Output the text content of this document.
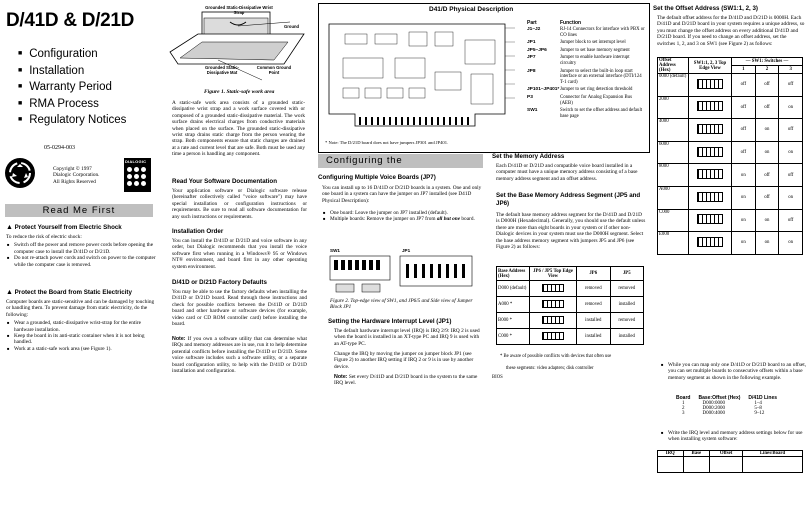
D/41D & D/21D
■ Configuration
■ Installation
■ Warranty Period
■ RMA Process
■ Regulatory Notices
05-0294-003
Copyright © 1997
Dialogic Corporation.
All Rights Reserved
DIALOGIC
Read Me First
▲ Protect Yourself from Electric Shock
To reduce the risk of electric shock:
■ Switch off the power and remove power cords before opening the computer case to install the D/41D or D/21D.
■ Do not re-attach power cords and switch on power to the computer while the computer case is removed.
▲ Protect the Board from Static Electricity
Computer boards are static-sensitive and can be damaged by touching or handling them. To prevent damage from static electricity, do the following:
■ Wear a grounded, static-dissipative wrist-strap for the entire hardware installation.
■ Keep the board in its anti-static container when it is not being handled.
■ Work at a static-safe work area (see Figure 1).
Grounded Static-Dissipative Wrist Strap
Ground
Grounded Static-Dissipative Mat
Common Ground Point
Figure 1. Static-safe work area
A static-safe work area consists of a grounded static-dissipative wrist strap and a work surface covered with or composed of a grounded static-dissipative material. The work surface drains electrical charges from conductive materials when placed on the surface. The grounded static-dissipative wrist strap drains static charge from the person wearing the strap. Both components ensure that static charges are drained at a rate and current level that are safe. Both must be used any time a person is handling any component.
Read Your Software Documentation
Your application software or Dialogic software release (hereinafter collectively called "voice software") may have special installation or configuration instructions or requirements. Be sure to read all software documentation for any such instructions or requirements.
Installation Order
You can install the D/41D or D/21D and voice software in any order, but Dialogic recommends that you install the voice software first when running in a Windows® 95 or Windows NT® environment, and board first in any other operating system environment.
D/41D or D/21D Factory Defaults
You may be able to use the factory defaults when installing the D/41D or D/21D board. Read through these instructions and check for possible conflicts between the D/41D or D/21D board and other hardware or software devices (for example, video card or CD ROM controller card) before installing the board.
Note: If you own a software utility that can determine what IRQs and memory addresses are in use, run it to help determine potential conflicts before installing the D/41D or D/21D. Some voice software includes such a software utility, or a separate board configuration utility, to help with the D/41D or D/21D installation and configuration.
D41/D Physical Description
Part	Function
J1–J2	RJ-14 Connectors for interface with PBX or CO lines
JP1	Jumper block to set interrupt level
JP5–JP6	Jumper to set base memory segment
JP7	Jumper to enable hardware interrupt circuitry
JP8	Jumper to select the built-in loop start interface or an external interface (DTI/124 T-1 card)
JP101–JP401* Jumper to set ring detection threshold
P3	Connector for Analog Expansion Bus (AEB)
SW1	Switch to set the offset address and default base page
* Note: The D/21D board does not have jumpers JP301 and JP401.
Configuring the
Configuring Multiple Voice Boards (JP7)
You can install up to 16 D/41D or D/21D boards in a system. One and only one board in a system can have the jumper on JP7 installed (see D41D Physical Description):
■ One board: Leave the jumper on JP7 installed (default).
■ Multiple boards: Remove the jumper on JP7 from all but one board.
SW1	JP1
Figure 2. Top-edge view of SW1, and JP6/5 and Side view of Jumper Block JP1
Setting the Hardware Interrupt Level (JP1)
The default hardware interrupt level (IRQ) is IRQ 2/9: IRQ 2 is used when the board is installed in an XT-type PC and IRQ 9 is used with an AT-type PC.
Change the IRQ by moving the jumper on jumper block JP1 (see Figure 2) to another IRQ setting if IRQ 2 or 9 is in use by another device.
Note: Set every D/41D and D/21D board in the system to the same IRQ level.
Set the Memory Address
Each D/41D or D/21D and compatible voice board installed in a computer must have a unique memory address consisting of a base memory address segment and an offset address.
Set the Base Memory Address Segment (JP5 and JP6)
The default base memory address segment for the D/41D and D/21D is D000H (Hexadecimal). Generally, you should use the default unless there are more than eight boards in your system or if other non-Dialogic devices in your system must use the D000H segment. Select the base address memory segment with jumpers JP5 and JP6 (see Figure 2) as follows:
Base Address (Hex)	JP6 / JP5 Top Edge View	JP6	JP5
D000 (default)		removed	removed
A000 *		removed	installed
B000 *		installed	removed
C000 *		installed	installed
* Be aware of possible conflicts with devices that often use
these segments: video adapters; disk controller
BIOS
Set the Offset Address (SW1:1, 2, 3)
The default offset address for the D/41D and D/21D is 0000H. Each D/41D and D/21D board in your system requires a unique address, so you must change the offset address on every additional D/41D and D/21D board. If you need to change an offset address, set the switches 1, 2, and 3 on SW1 (see Figure 2) as follows:
Offset Address (Hex)	SW1:1, 2, 3 Top Edge View	— SW1: Switches —		
		1	2	3
0000 (default)		off	off	off
2000		off	off	on
4000		off	on	off
6000		off	on	on
8000		on	off	off
A000		on	off	on
C000		on	on	off
E000		on	on	on
■ While you can map only one D/41D or D/21D board to an offset, you can set multiple boards to consecutive offsets within a base memory segment as shown in the following example.
Board	Base:Offset (Hex)	D/41D Lines
1	D000:0000	1–4
2	D000:2000	5–8
3	D000:4000	9–12
■ Write the IRQ level and memory address settings below for use when installing system software:
IRQ	Base	Offset	Lines/Board
